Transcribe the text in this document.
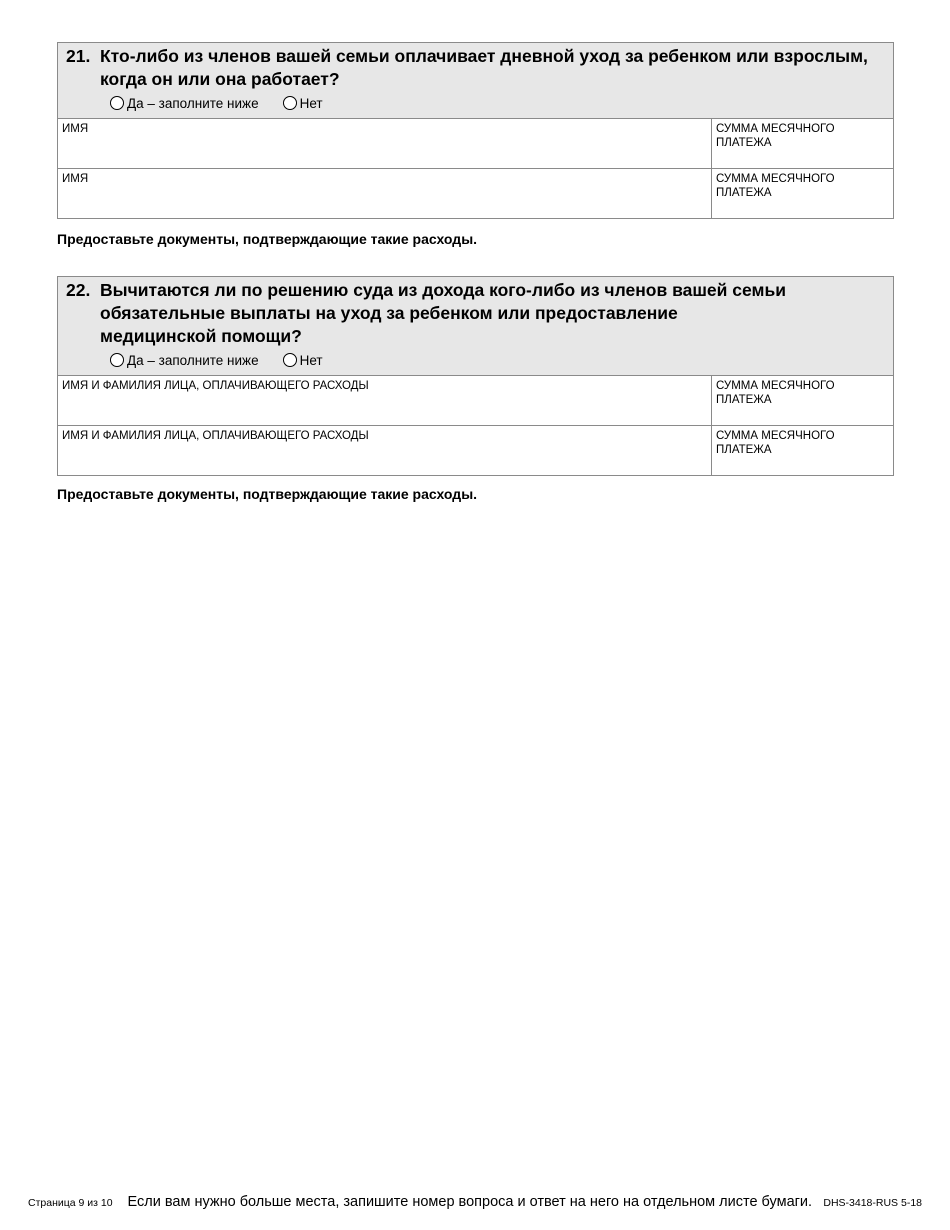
21. Кто-либо из членов вашей семьи оплачивает дневной уход за ребенком или взрослым, когда он или она работает?
Да – заполните ниже	Нет
ИМЯ	СУММА МЕСЯЧНОГО ПЛАТЕЖА
ИМЯ	СУММА МЕСЯЧНОГО ПЛАТЕЖА
Предоставьте документы, подтверждающие такие расходы.
22. Вычитаются ли по решению суда из дохода кого-либо из членов вашей семьи обязательные выплаты на уход за ребенком или предоставление медицинской помощи?
Да – заполните ниже	Нет
ИМЯ И ФАМИЛИЯ ЛИЦА, ОПЛАЧИВАЮЩЕГО РАСХОДЫ	СУММА МЕСЯЧНОГО ПЛАТЕЖА
ИМЯ И ФАМИЛИЯ ЛИЦА, ОПЛАЧИВАЮЩЕГО РАСХОДЫ	СУММА МЕСЯЧНОГО ПЛАТЕЖА
Предоставьте документы, подтверждающие такие расходы.
Страница 9 из 10 Если вам нужно больше места, запишите номер вопроса и ответ на него на отдельном листе бумаги. DHS-3418-RUS 5-18
